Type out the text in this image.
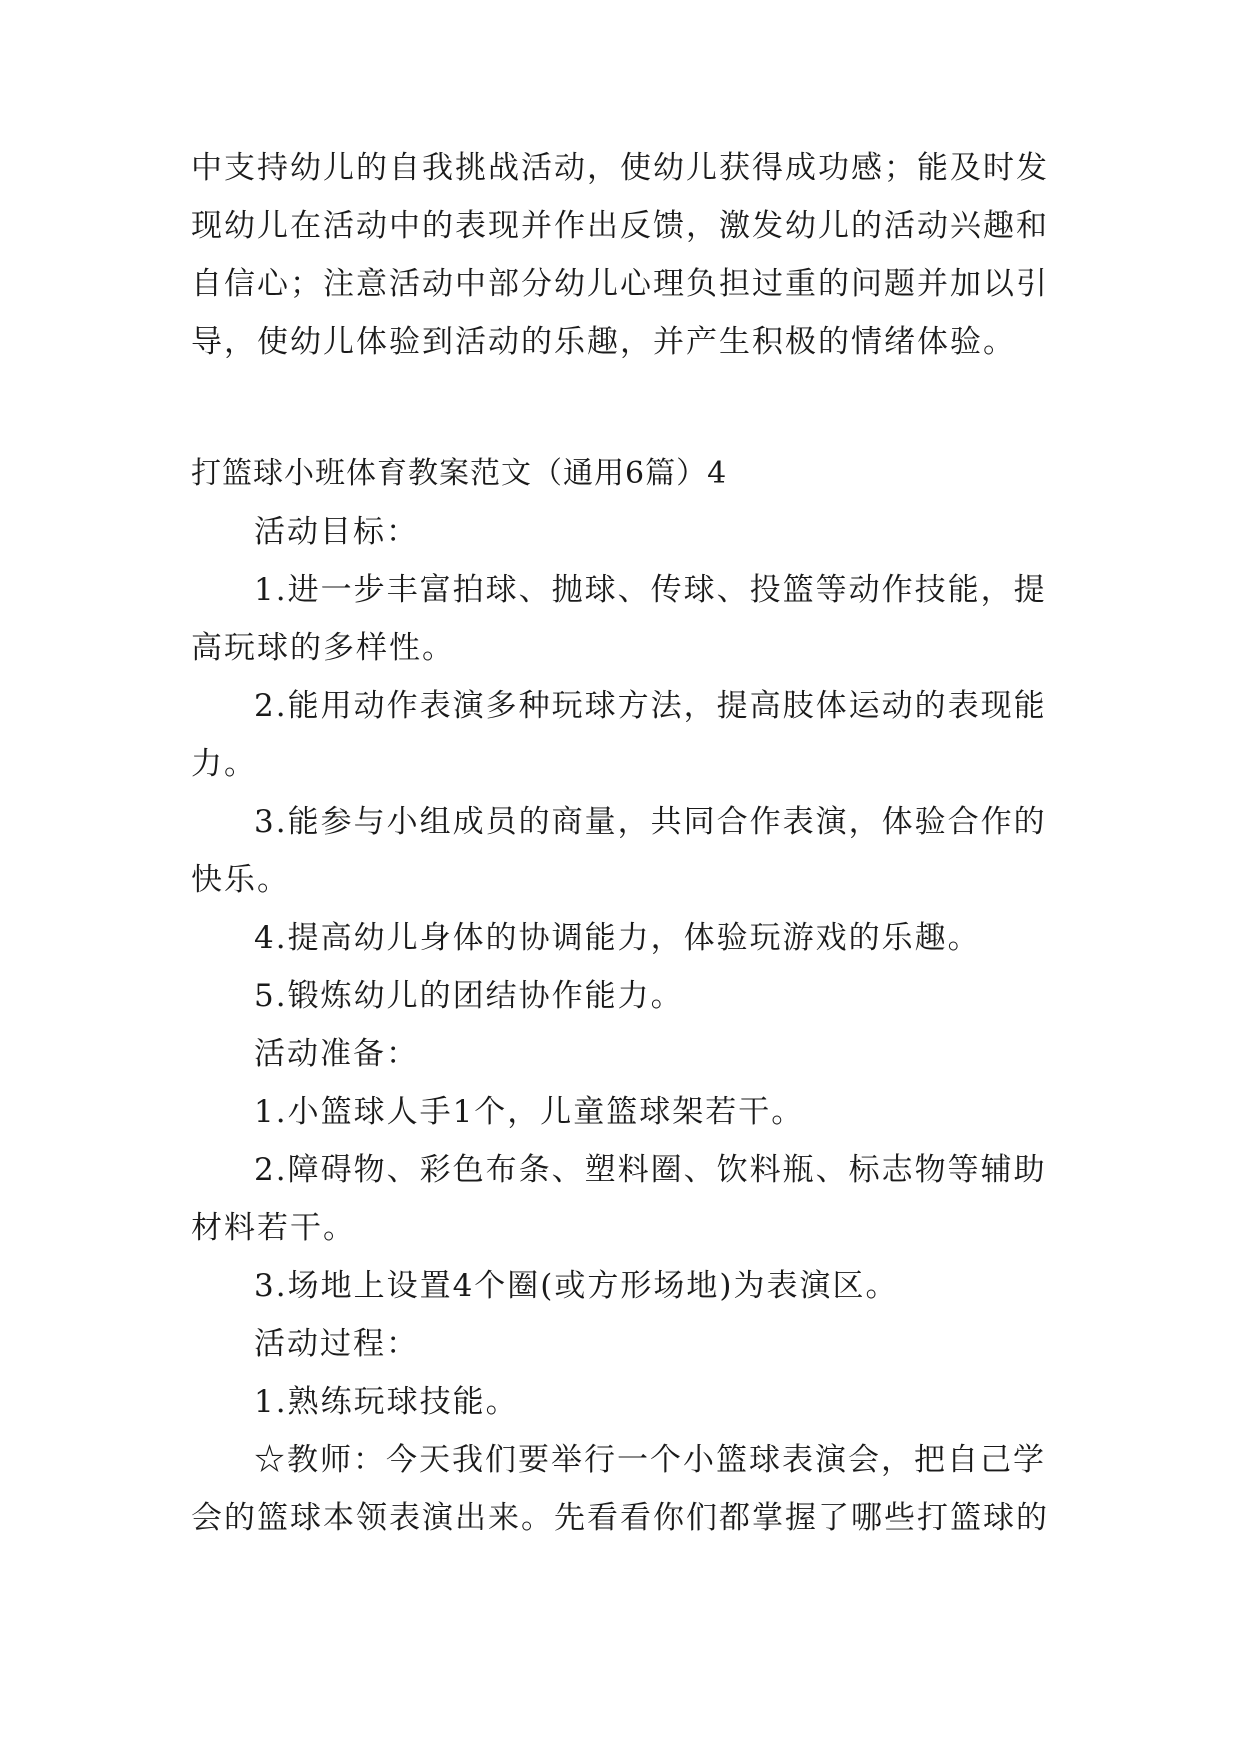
中支持幼儿的自我挑战活动，使幼儿获得成功感；能及时发
现幼儿在活动中的表现并作出反馈，激发幼儿的活动兴趣和
自信心；注意活动中部分幼儿心理负担过重的问题并加以引
导，使幼儿体验到活动的乐趣，并产生积极的情绪体验。
打篮球小班体育教案范文（通用6篇）4
活动目标：
1.进一步丰富拍球、抛球、传球、投篮等动作技能，提
高玩球的多样性。
2.能用动作表演多种玩球方法，提高肢体运动的表现能
力。
3.能参与小组成员的商量，共同合作表演，体验合作的
快乐。
4.提高幼儿身体的协调能力，体验玩游戏的乐趣。
5.锻炼幼儿的团结协作能力。
活动准备：
1.小篮球人手1个，儿童篮球架若干。
2.障碍物、彩色布条、塑料圈、饮料瓶、标志物等辅助
材料若干。
3.场地上设置4个圈(或方形场地)为表演区。
活动过程：
1.熟练玩球技能。
☆教师：今天我们要举行一个小篮球表演会，把自己学
会的篮球本领表演出来。先看看你们都掌握了哪些打篮球的
